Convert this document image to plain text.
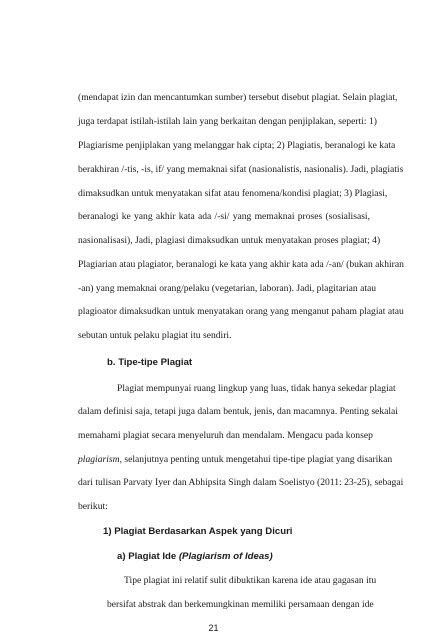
(mendapat izin dan mencantumkan sumber) tersebut disebut plagiat. Selain plagiat,
juga terdapat istilah-istilah lain yang berkaitan dengan penjiplakan, seperti: 1)
Plagiarisme penjiplakan yang melanggar hak cipta; 2) Plagiatis, beranalogi ke kata
berakhiran /-tis, -is, if/ yang memaknai sifat (nasionalistis, nasionalis). Jadi, plagiatis
dimaksudkan untuk menyatakan sifat atau fenomena/kondisi plagiat; 3) Plagiasi,
beranalogi ke yang akhir kata ada /-si/ yang memaknai proses (sosialisasi,
nasionalisasi), Jadi, plagiasi dimaksudkan untuk menyatakan proses plagiat; 4)
Plagiarian atau plagiator, beranalogi ke kata yang akhir kata ada /-an/ (bukan akhiran
-an) yang memaknai orang/pelaku (vegetarian, laboran). Jadi, plagitarian atau
plagioator dimaksudkan untuk menyatakan orang yang menganut paham plagiat atau
sebutan untuk pelaku plagiat itu sendiri.
b. Tipe-tipe Plagiat
Plagiat mempunyai ruang lingkup yang luas, tidak hanya sekedar plagiat
dalam definisi saja, tetapi juga dalam bentuk, jenis, dan macamnya. Penting sekalai
memahami plagiat secara menyeluruh dan mendalam. Mengacu pada konsep
plagiarism, selanjutnya penting untuk mengetahui tipe-tipe plagiat yang disarikan
dari tulisan Parvaty Iyer dan Abhipsita Singh dalam Soelistyo (2011: 23-25), sebagai
berikut:
1) Plagiat Berdasarkan Aspek yang Dicuri
a) Plagiat Ide (Plagiarism of Ideas)
Tipe plagiat ini relatif sulit dibuktikan karena ide atau gagasan itu
bersifat abstrak dan berkemungkinan memiliki persamaan dengan ide
21
